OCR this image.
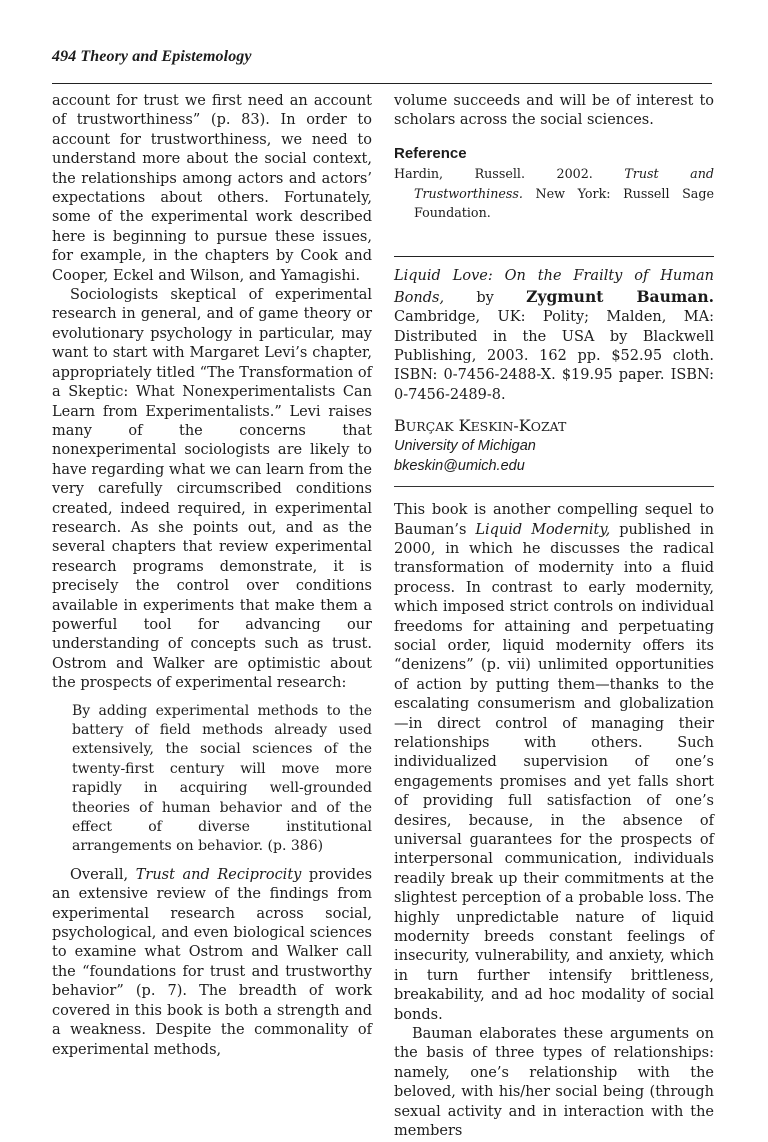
494 Theory and Epistemology

account for trust we first need an account of trustworthiness” (p. 83). In order to account for trustworthiness, we need to understand more about the social context, the relationships among actors and actors’ expectations about others. Fortunately, some of the experimental work described here is beginning to pursue these issues, for example, in the chapters by Cook and Cooper, Eckel and Wilson, and Yamagishi.

Sociologists skeptical of experimental research in general, and of game theory or evolutionary psychology in particular, may want to start with Margaret Levi’s chapter, appropriately titled “The Transformation of a Skeptic: What Nonexperimentalists Can Learn from Experimentalists.” Levi raises many of the concerns that nonexperimental sociologists are likely to have regarding what we can learn from the very carefully circumscribed conditions created, indeed required, in experimental research. As she points out, and as the several chapters that review experimental research programs demonstrate, it is precisely the control over conditions available in experiments that make them a powerful tool for advancing our understanding of concepts such as trust. Ostrom and Walker are optimistic about the prospects of experimental research:

By adding experimental methods to the battery of field methods already used extensively, the social sciences of the twenty-first century will move more rapidly in acquiring well-grounded theories of human behavior and of the effect of diverse institutional arrangements on behavior. (p. 386)

Overall, Trust and Reciprocity provides an extensive review of the findings from experimental research across social, psychological, and even biological sciences to examine what Ostrom and Walker call the “foundations for trust and trustworthy behavior” (p. 7). The breadth of work covered in this book is both a strength and a weakness. Despite the commonality of experimental methods,

volume succeeds and will be of interest to scholars across the social sciences.

Reference

Hardin, Russell. 2002. Trust and Trustworthiness. New York: Russell Sage Foundation.

Liquid Love: On the Frailty of Human Bonds, by Zygmunt Bauman. Cambridge, UK: Polity; Malden, MA: Distributed in the USA by Blackwell Publishing, 2003. 162 pp. $52.95 cloth. ISBN: 0-7456-2488-X. $19.95 paper. ISBN: 0-7456-2489-8.

BURÇAK KESKIN-KOZAT
University of Michigan
bkeskin@umich.edu

This book is another compelling sequel to Bauman’s Liquid Modernity, published in 2000, in which he discusses the radical transformation of modernity into a fluid process. In contrast to early modernity, which imposed strict controls on individual freedoms for attaining and perpetuating social order, liquid modernity offers its “denizens” (p. vii) unlimited opportunities of action by putting them—thanks to the escalating consumerism and globalization—in direct control of managing their relationships with others. Such individualized supervision of one’s engagements promises and yet falls short of providing full satisfaction of one’s desires, because, in the absence of universal guarantees for the prospects of interpersonal communication, individuals readily break up their commitments at the slightest perception of a probable loss. The highly unpredictable nature of liquid modernity breeds constant feelings of insecurity, vulnerability, and anxiety, which in turn further intensify brittleness, breakability, and ad hoc modality of social bonds.

Bauman elaborates these arguments on the basis of three types of relationships: namely, one’s relationship with the beloved, with his/her social being (through sexual activity and in interaction with the members
